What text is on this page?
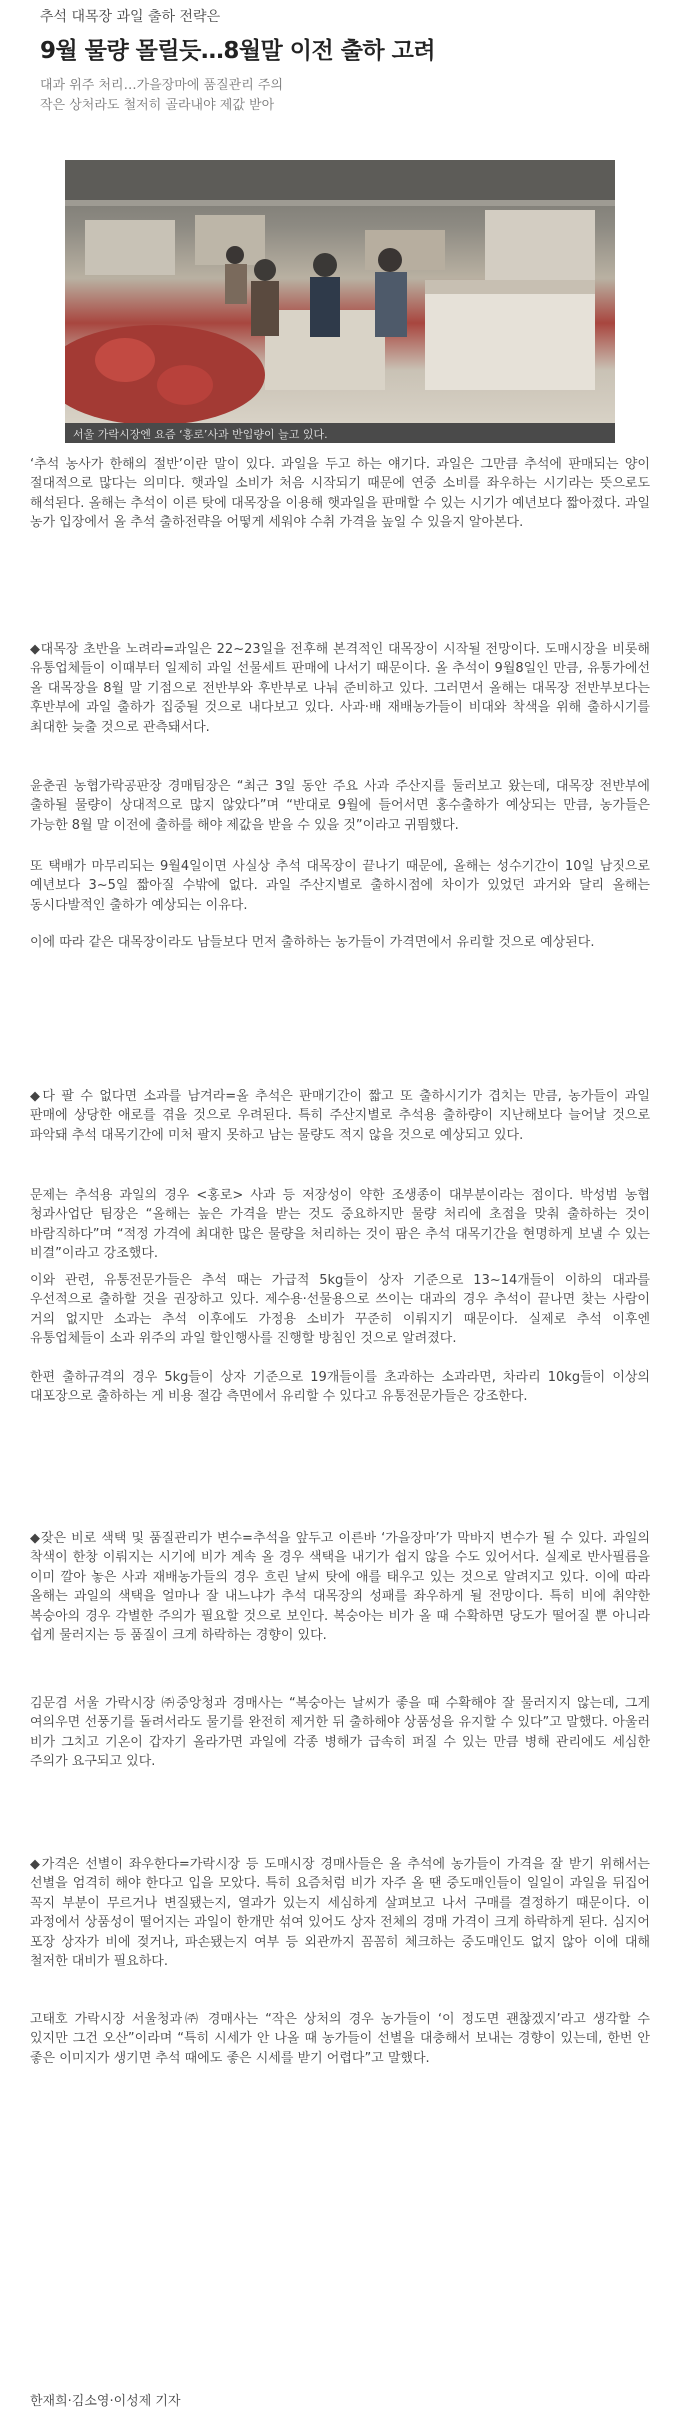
추석 대목장 과일 출하 전략은
9월 물량 몰릴듯…8월말 이전 출하 고려
대과 위주 처리…가을장마에 품질관리 주의
작은 상처라도 철저히 골라내야 제값 받아
서울 가락시장엔 요즘 ‘홍로’사과 반입량이 늘고 있다.

‘추석 농사가 한해의 절반’이란 말이 있다. 과일을 두고 하는 얘기다. 과일은 그만큼 추석에 판매되는 양이 절대적으로 많다는 의미다. 햇과일 소비가 처음 시작되기 때문에 연중 소비를 좌우하는 시기라는 뜻으로도 해석된다. 올해는 추석이 이른 탓에 대목장을 이용해 햇과일을 판매할 수 있는 시기가 예년보다 짧아졌다. 과일 농가 입장에서 올 추석 출하전략을 어떻게 세워야 수취 가격을 높일 수 있을지 알아본다.

◆대목장 초반을 노려라=과일은 22~23일을 전후해 본격적인 대목장이 시작될 전망이다. 도매시장을 비롯해 유통업체들이 이때부터 일제히 과일 선물세트 판매에 나서기 때문이다. 올 추석이 9월8일인 만큼, 유통가에선 올 대목장을 8월 말 기점으로 전반부와 후반부로 나눠 준비하고 있다. 그러면서 올해는 대목장 전반부보다는 후반부에 과일 출하가 집중될 것으로 내다보고 있다. 사과·배 재배농가들이 비대와 착색을 위해 출하시기를 최대한 늦출 것으로 관측돼서다.

윤춘권 농협가락공판장 경매팀장은 “최근 3일 동안 주요 사과 주산지를 둘러보고 왔는데, 대목장 전반부에 출하될 물량이 상대적으로 많지 않았다”며 “반대로 9월에 들어서면 홍수출하가 예상되는 만큼, 농가들은 가능한 8월 말 이전에 출하를 해야 제값을 받을 수 있을 것”이라고 귀띔했다.

또 택배가 마무리되는 9월4일이면 사실상 추석 대목장이 끝나기 때문에, 올해는 성수기간이 10일 남짓으로 예년보다 3~5일 짧아질 수밖에 없다. 과일 주산지별로 출하시점에 차이가 있었던 과거와 달리 올해는 동시다발적인 출하가 예상되는 이유다.

이에 따라 같은 대목장이라도 남들보다 먼저 출하하는 농가들이 가격면에서 유리할 것으로 예상된다.

◆다 팔 수 없다면 소과를 남겨라=올 추석은 판매기간이 짧고 또 출하시기가 겹치는 만큼, 농가들이 과일 판매에 상당한 애로를 겪을 것으로 우려된다. 특히 주산지별로 추석용 출하량이 지난해보다 늘어날 것으로 파악돼 추석 대목기간에 미처 팔지 못하고 남는 물량도 적지 않을 것으로 예상되고 있다.

문제는 추석용 과일의 경우 <홍로> 사과 등 저장성이 약한 조생종이 대부분이라는 점이다. 박성범 농협 청과사업단 팀장은 “올해는 높은 가격을 받는 것도 중요하지만 물량 처리에 초점을 맞춰 출하하는 것이 바람직하다”며 “적정 가격에 최대한 많은 물량을 처리하는 것이 팜은 추석 대목기간을 현명하게 보낼 수 있는 비결”이라고 강조했다.

이와 관련, 유통전문가들은 추석 때는 가급적 5kg들이 상자 기준으로 13~14개들이 이하의 대과를 우선적으로 출하할 것을 권장하고 있다. 제수용·선물용으로 쓰이는 대과의 경우 추석이 끝나면 찾는 사람이 거의 없지만 소과는 추석 이후에도 가정용 소비가 꾸준히 이뤄지기 때문이다. 실제로 추석 이후엔 유통업체들이 소과 위주의 과일 할인행사를 진행할 방침인 것으로 알려졌다.

한편 출하규격의 경우 5kg들이 상자 기준으로 19개들이를 초과하는 소과라면, 차라리 10kg들이 이상의 대포장으로 출하하는 게 비용 절감 측면에서 유리할 수 있다고 유통전문가들은 강조한다.

◆잦은 비로 색택 및 품질관리가 변수=추석을 앞두고 이른바 ‘가을장마’가 막바지 변수가 될 수 있다. 과일의 착색이 한창 이뤄지는 시기에 비가 계속 올 경우 색택을 내기가 쉽지 않을 수도 있어서다. 실제로 반사필름을 이미 깔아 놓은 사과 재배농가들의 경우 흐린 날씨 탓에 애를 태우고 있는 것으로 알려지고 있다. 이에 따라 올해는 과일의 색택을 얼마나 잘 내느냐가 추석 대목장의 성패를 좌우하게 될 전망이다. 특히 비에 취약한 복숭아의 경우 각별한 주의가 필요할 것으로 보인다. 복숭아는 비가 올 때 수확하면 당도가 떨어질 뿐 아니라 쉽게 물러지는 등 품질이 크게 하락하는 경향이 있다.

김문겸 서울 가락시장 ㈜중앙청과 경매사는 “복숭아는 날씨가 좋을 때 수확해야 잘 물러지지 않는데, 그게 여의우면 선풍기를 돌려서라도 물기를 완전히 제거한 뒤 출하해야 상품성을 유지할 수 있다”고 말했다. 아울러 비가 그치고 기온이 갑자기 올라가면 과일에 각종 병해가 급속히 퍼질 수 있는 만큼 병해 관리에도 세심한 주의가 요구되고 있다.

◆가격은 선별이 좌우한다=가락시장 등 도매시장 경매사들은 올 추석에 농가들이 가격을 잘 받기 위해서는 선별을 엄격히 해야 한다고 입을 모았다. 특히 요즘처럼 비가 자주 올 땐 중도매인들이 일일이 과일을 뒤집어 꼭지 부분이 무르거나 변질됐는지, 열과가 있는지 세심하게 살펴보고 나서 구매를 결정하기 때문이다. 이 과정에서 상품성이 떨어지는 과일이 한개만 섞여 있어도 상자 전체의 경매 가격이 크게 하락하게 된다. 심지어 포장 상자가 비에 젖거나, 파손됐는지 여부 등 외관까지 꼼꼼히 체크하는 중도매인도 없지 않아 이에 대해 철저한 대비가 필요하다.

고태호 가락시장 서울청과㈜ 경매사는 “작은 상처의 경우 농가들이 ‘이 정도면 괜찮겠지’라고 생각할 수 있지만 그건 오산”이라며 “특히 시세가 안 나올 때 농가들이 선별을 대충해서 보내는 경향이 있는데, 한번 안 좋은 이미지가 생기면 추석 때에도 좋은 시세를 받기 어렵다”고 말했다.

한재희·김소영·이성제 기자
